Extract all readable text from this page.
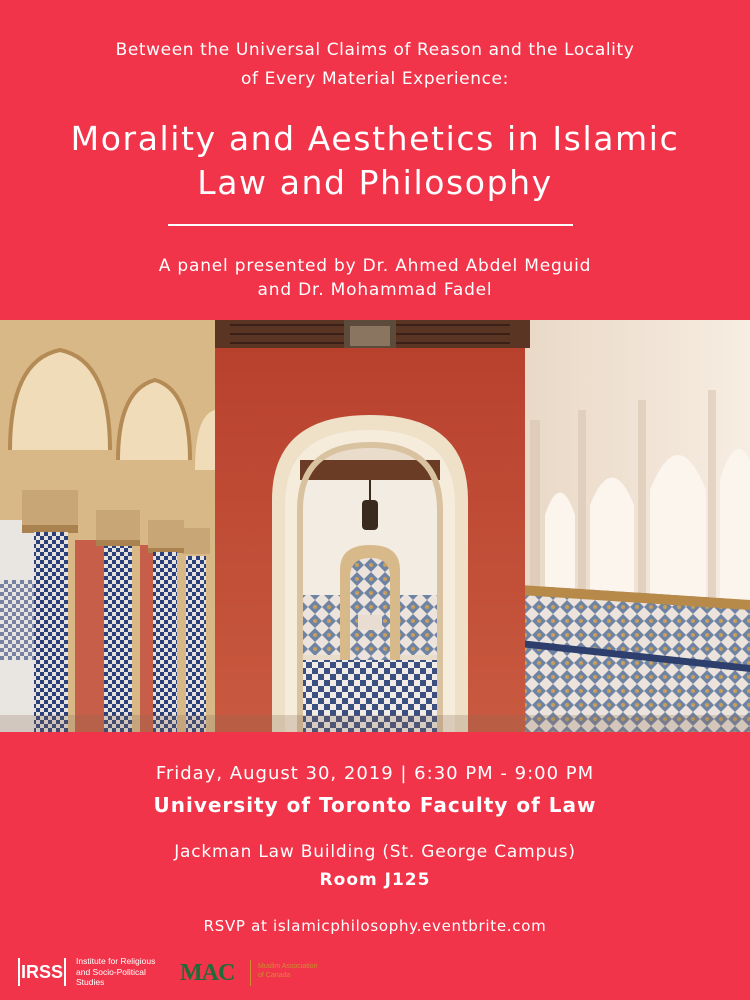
Between the Universal Claims of Reason and the Locality
of Every Material Experience:
Morality and Aesthetics in Islamic
Law and Philosophy
A panel presented by Dr. Ahmed Abdel Meguid
and Dr. Mohammad Fadel
Friday, August 30, 2019 | 6:30 PM - 9:00 PM
University of Toronto Faculty of Law
Jackman Law Building (St. George Campus)
Room J125
RSVP at islamicphilosophy.eventbrite.com
IRSS
Institute for Religious
and Socio-Political
Studies	MAC	Muslim Association
of Canada
